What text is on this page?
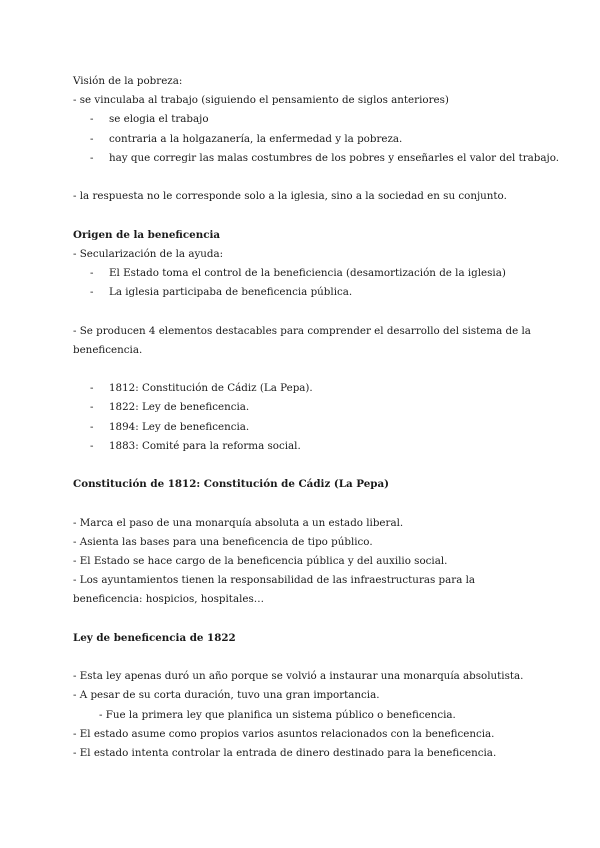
Visión de la pobreza:
- se vinculaba al trabajo (siguiendo el pensamiento de siglos anteriores)
- se elogia el trabajo
- contraria a la holgazanería, la enfermedad y la pobreza.
- hay que corregir las malas costumbres de los pobres y enseñarles el valor del trabajo.
- la respuesta no le corresponde solo a la iglesia, sino a la sociedad en su conjunto.
Origen de la beneficencia
- Secularización de la ayuda:
- El Estado toma el control de la beneficiencia (desamortización de la iglesia)
- La iglesia participaba de beneficencia pública.
- Se producen 4 elementos destacables para comprender el desarrollo del sistema de la beneficencia.
- 1812: Constitución de Cádiz (La Pepa).
- 1822: Ley de beneficencia.
- 1894: Ley de beneficencia.
- 1883: Comité para la reforma social.
Constitución de 1812: Constitución de Cádiz (La Pepa)
- Marca el paso de una monarquía absoluta a un estado liberal.
- Asienta las bases para una beneficencia de tipo público.
- El Estado se hace cargo de la beneficencia pública y del auxilio social.
- Los ayuntamientos tienen la responsabilidad de las infraestructuras para la beneficencia: hospicios, hospitales…
Ley de beneficencia de 1822
- Esta ley apenas duró un año porque se volvió a instaurar una monarquía absolutista.
- A pesar de su corta duración, tuvo una gran importancia.
- Fue la primera ley que planifica un sistema público o beneficencia.
- El estado asume como propios varios asuntos relacionados con la beneficencia.
- El estado intenta controlar la entrada de dinero destinado para la beneficencia.
